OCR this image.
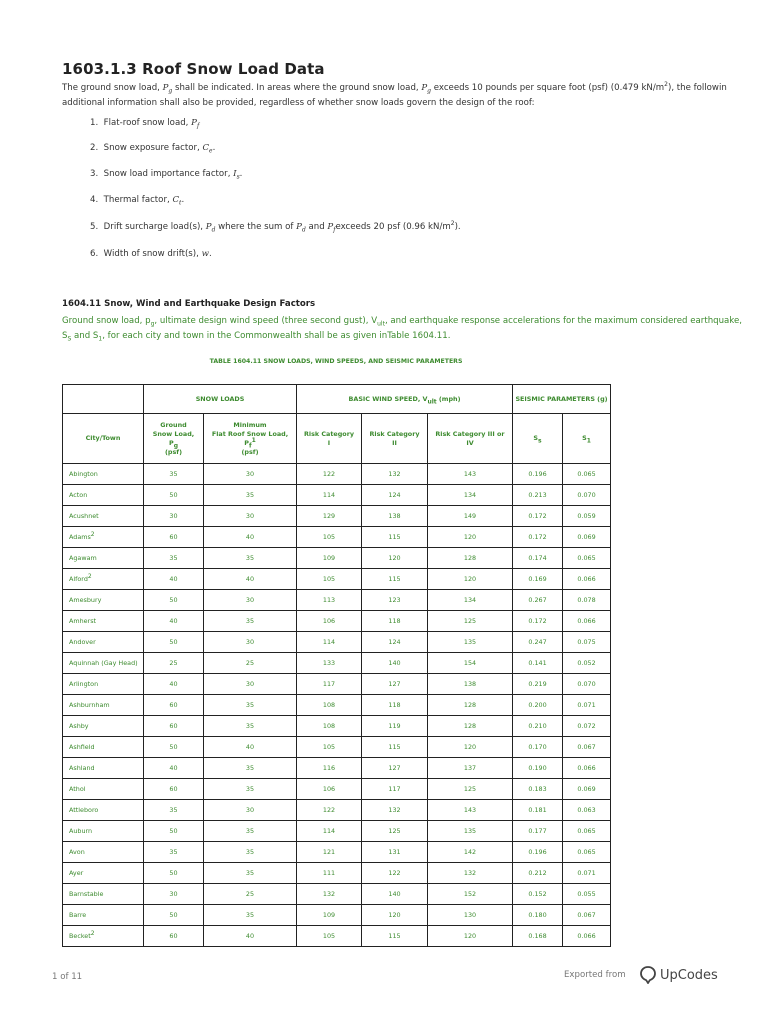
1603.1.3 Roof Snow Load Data
The ground snow load, $P_g$ shall be indicated. In areas where the ground snow load, $P_g$ exceeds 10 pounds per square foot (psf) (0.479 $kN/m^2$), the followin additional information shall also be provided, regardless of whether snow loads govern the design of the roof:
1. Flat-roof snow load, $P_f$
2. Snow exposure factor, $C_e$.
3. Snow load importance factor, $I_s$.
4. Thermal factor, $C_t$.
5. Drift surcharge load(s), $P_d$ where the sum of $P_d$ and $P_fexceeds$ 20 psf (0.96 $kN/m^2$).
6. Width of snow drift(s), w.
1604.11 Snow, Wind and Earthquake Design Factors
Ground snow load, $p_g$, ultimate design wind speed (three second gust), $V_{ult}$, and earthquake response accelerations for the maximum considered earthquake, $S_S$ and $S_1$, for each city and town in the Commonwealth shall be as given inTable 1604.11.
TABLE 1604.11 SNOW LOADS, WIND SPEEDS, AND SEISMIC PARAMETERS
	SNOW LOADS		BASIC WIND SPEED, $V_{ult}$ (mph)			SEISMIC PARAMETERS (g)	
City/Town	Ground
Snow Load,
$P_g$
(psf)	Minimum
Flat Roof Snow Load,
$P_f^1$
(psf)	Risk Category
I	Risk Category
II	Risk Category III or
IV	$S_s$	$S_1$
Abington	35	30	122	132	143	0.196	0.065
Acton	50	35	114	124	134	0.213	0.070
Acushnet	30	30	129	138	149	0.172	0.059
Adams$^2$	60	40	105	115	120	0.172	0.069
Agawam	35	35	109	120	128	0.174	0.065
Alford$^2$	40	40	105	115	120	0.169	0.066
Amesbury	50	30	113	123	134	0.267	0.078
Amherst	40	35	106	118	125	0.172	0.066
Andover	50	30	114	124	135	0.247	0.075
Aquinnah (Gay Head)	25	25	133	140	154	0.141	0.052
Arlington	40	30	117	127	138	0.219	0.070
Ashburnham	60	35	108	118	128	0.200	0.071
Ashby	60	35	108	119	128	0.210	0.072
Ashfield	50	40	105	115	120	0.170	0.067
Ashland	40	35	116	127	137	0.190	0.066
Athol	60	35	106	117	125	0.183	0.069
Attleboro	35	30	122	132	143	0.181	0.063
Auburn	50	35	114	125	135	0.177	0.065
Avon	35	35	121	131	142	0.196	0.065
Ayer	50	35	111	122	132	0.212	0.071
Barnstable	30	25	132	140	152	0.152	0.055
Barre	50	35	109	120	130	0.180	0.067
Becket$^2$	60	40	105	115	120	0.168	0.066
1 of 11	Exported from	UpCodes
